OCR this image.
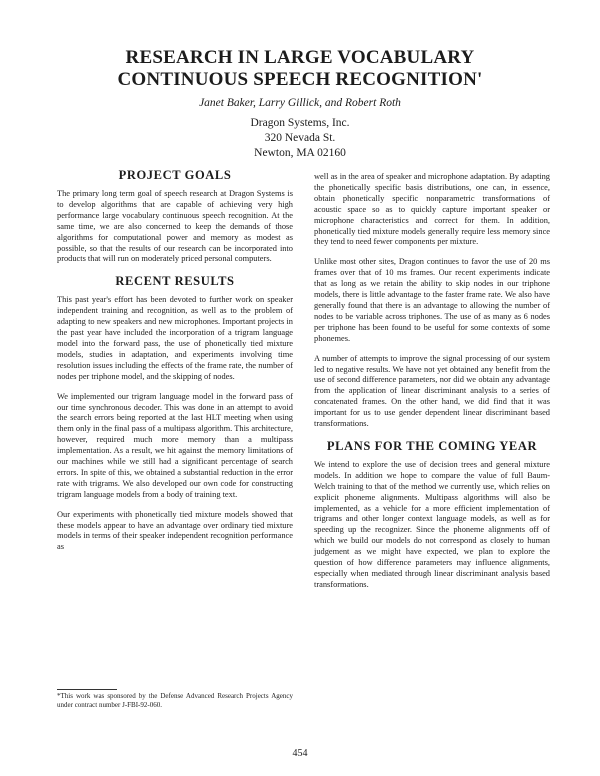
RESEARCH IN LARGE VOCABULARY
CONTINUOUS SPEECH RECOGNITION'
Janet Baker, Larry Gillick, and Robert Roth
Dragon Systems, Inc.
320 Nevada St.
Newton, MA 02160
PROJECT GOALS

The primary long term goal of speech research at Dragon Systems is to develop algorithms that are capable of achieving very high performance large vocabulary continuous speech recognition. At the same time, we are also concerned to keep the demands of those algorithms for computational power and memory as modest as possible, so that the results of our research can be incorporated into products that will run on moderately priced personal computers.

RECENT RESULTS

This past year's effort has been devoted to further work on speaker independent training and recognition, as well as to the problem of adapting to new speakers and new microphones. Important projects in the past year have included the incorporation of a trigram language model into the forward pass, the use of phonetically tied mixture models, studies in adaptation, and experiments involving time resolution issues including the effects of the frame rate, the number of nodes per triphone model, and the skipping of nodes.

We implemented our trigram language model in the forward pass of our time synchronous decoder. This was done in an attempt to avoid the search errors being reported at the last HLT meeting when using them only in the final pass of a multipass algorithm. This architecture, however, required much more memory than a multipass implementation. As a result, we hit against the memory limitations of our machines while we still had a significant percentage of search errors. In spite of this, we obtained a substantial reduction in the error rate with trigrams. We also developed our own code for constructing trigram language models from a body of training text.

Our experiments with phonetically tied mixture models showed that these models appear to have an advantage over ordinary tied mixture models in terms of their speaker independent recognition performance as

well as in the area of speaker and microphone adaptation. By adapting the phonetically specific basis distributions, one can, in essence, obtain phonetically specific nonparametric transformations of acoustic space so as to quickly capture important speaker or microphone characteristics and correct for them. In addition, phonetically tied mixture models generally require less memory since they tend to need fewer components per mixture.

Unlike most other sites, Dragon continues to favor the use of 20 ms frames over that of 10 ms frames. Our recent experiments indicate that as long as we retain the ability to skip nodes in our triphone models, there is little advantage to the faster frame rate. We also have generally found that there is an advantage to allowing the number of nodes to be variable across triphones. The use of as many as 6 nodes per triphone has been found to be useful for some contexts of some phonemes.

A number of attempts to improve the signal processing of our system led to negative results. We have not yet obtained any benefit from the use of second difference parameters, nor did we obtain any advantage from the application of linear discriminant analysis to a series of concatenated frames. On the other hand, we did find that it was important for us to use gender dependent linear discriminant based transformations.

PLANS FOR THE COMING YEAR

We intend to explore the use of decision trees and general mixture models. In addition we hope to compare the value of full Baum-Welch training to that of the method we currently use, which relies on explicit phoneme alignments. Multipass algorithms will also be implemented, as a vehicle for a more efficient implementation of trigrams and other longer context language models, as well as for speeding up the recognizer. Since the phoneme alignments off of which we build our models do not correspond as closely to human judgement as we might have expected, we plan to explore the question of how difference parameters may influence alignments, especially when mediated through linear discriminant analysis based transformations.

*This work was sponsored by the Defense Advanced Research Projects Agency under contract number J-FBI-92-060.

454
